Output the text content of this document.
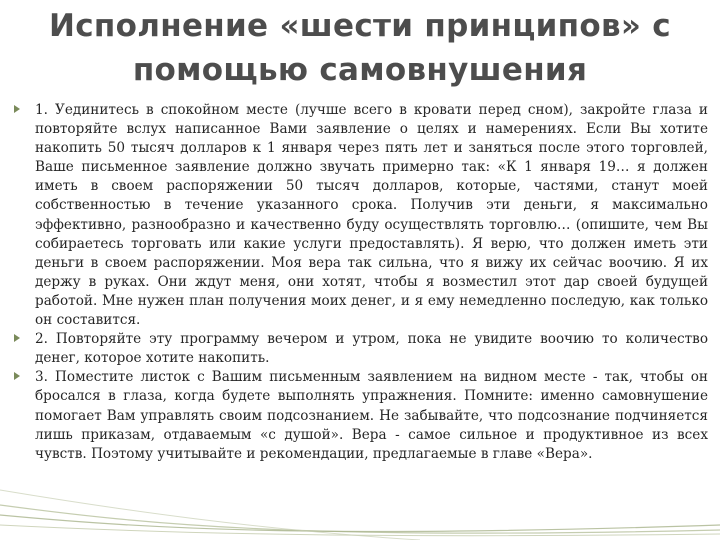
Исполнение «шести принципов» с
помощью самовнушения
1. Уединитесь в спокойном месте (лучше всего в кровати перед сном), закройте глаза и повторяйте вслух написанное Вами заявление о целях и намерениях. Если Вы хотите накопить 50 тысяч долларов к 1 января через пять лет и заняться после этого торговлей, Ваше письменное заявление должно звучать примерно так: «К 1 января 19… я должен иметь в своем распоряжении 50 тысяч долларов, которые, частями, станут моей собственностью в течение указанного срока. Получив эти деньги, я максимально эффективно, разнообразно и качественно буду осуществлять торговлю… (опишите, чем Вы собираетесь торговать или какие услуги предоставлять). Я верю, что должен иметь эти деньги в своем распоряжении. Моя вера так сильна, что я вижу их сейчас воочию. Я их держу в руках. Они ждут меня, они хотят, чтобы я возместил этот дар своей будущей работой. Мне нужен план получения моих денег, и я ему немедленно последую, как только он составится.
2. Повторяйте эту программу вечером и утром, пока не увидите воочию то количество денег, которое хотите накопить.
3. Поместите листок с Вашим письменным заявлением на видном месте - так, чтобы он бросался в глаза, когда будете выполнять упражнения. Помните: именно самовнушение помогает Вам управлять своим подсознанием. Не забывайте, что подсознание подчиняется лишь приказам, отдаваемым «с душой». Вера - самое сильное и продуктивное из всех чувств. Поэтому учитывайте и рекомендации, предлагаемые в главе «Вера».
